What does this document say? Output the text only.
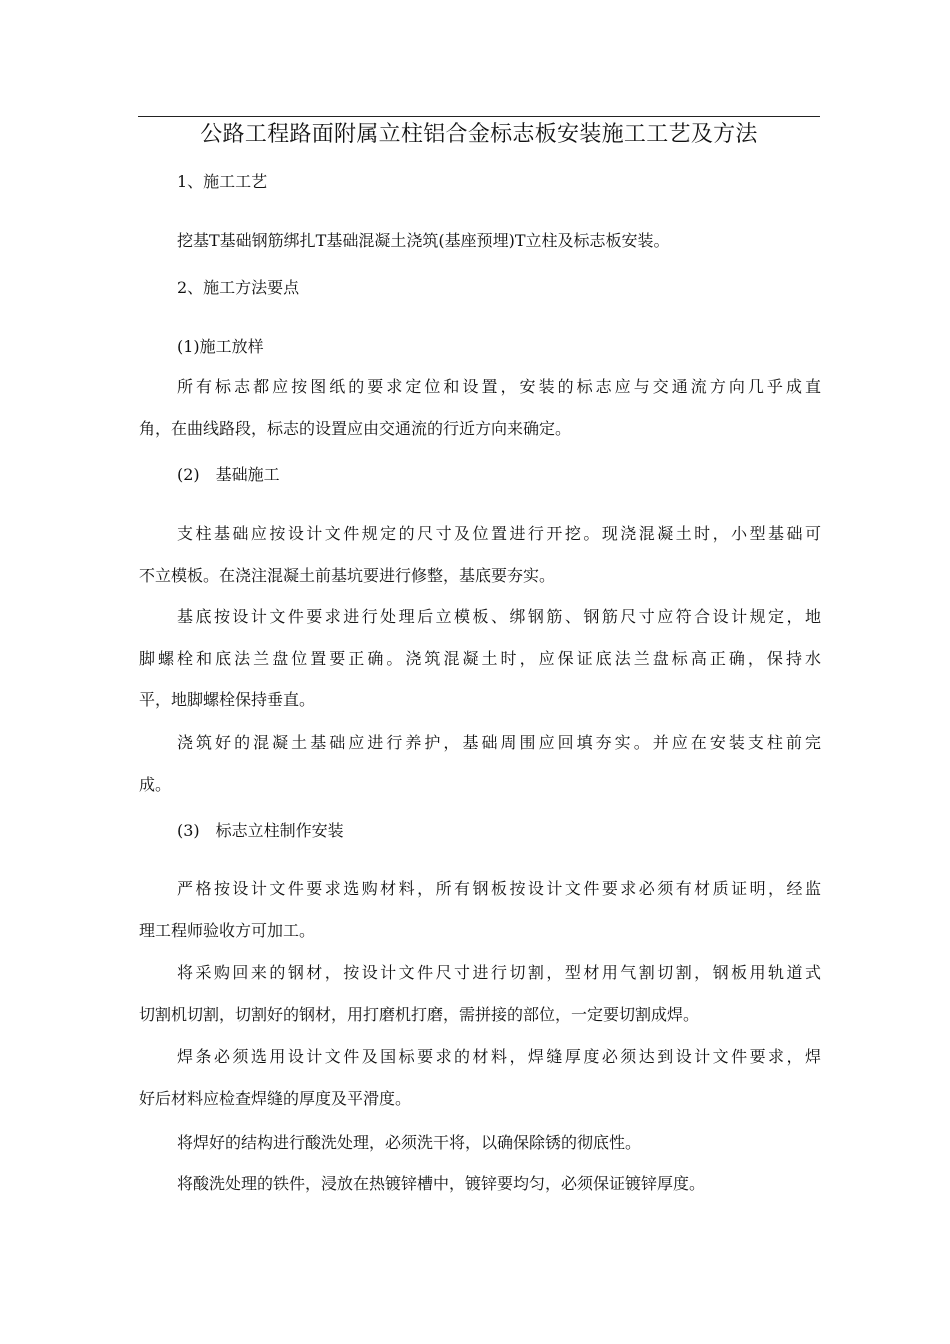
公路工程路面附属立柱铝合金标志板安装施工工艺及方法
1、施工工艺
挖基T基础钢筋绑扎T基础混凝土浇筑(基座预埋)T立柱及标志板安装。
2、施工方法要点
(1)施工放样
所有标志都应按图纸的要求定位和设置，安装的标志应与交通流方向几乎成直
角，在曲线路段，标志的设置应由交通流的行近方向来确定。
(2)　基础施工
支柱基础应按设计文件规定的尺寸及位置进行开挖。现浇混凝土时，小型基础可
不立模板。在浇注混凝土前基坑要进行修整，基底要夯实。
基底按设计文件要求进行处理后立模板、绑钢筋、钢筋尺寸应符合设计规定，地
脚螺栓和底法兰盘位置要正确。浇筑混凝土时，应保证底法兰盘标高正确，保持水
平，地脚螺栓保持垂直。
浇筑好的混凝土基础应进行养护，基础周围应回填夯实。并应在安装支柱前完
成。
(3)　标志立柱制作安装
严格按设计文件要求选购材料，所有钢板按设计文件要求必须有材质证明，经监
理工程师验收方可加工。
将采购回来的钢材，按设计文件尺寸进行切割，型材用气割切割，钢板用轨道式
切割机切割，切割好的钢材，用打磨机打磨，需拼接的部位，一定要切割成焊。
焊条必须选用设计文件及国标要求的材料，焊缝厚度必须达到设计文件要求，焊
好后材料应检查焊缝的厚度及平滑度。
将焊好的结构进行酸洗处理，必须洗干将，以确保除锈的彻底性。
将酸洗处理的铁件，浸放在热镀锌槽中，镀锌要均匀，必须保证镀锌厚度。
